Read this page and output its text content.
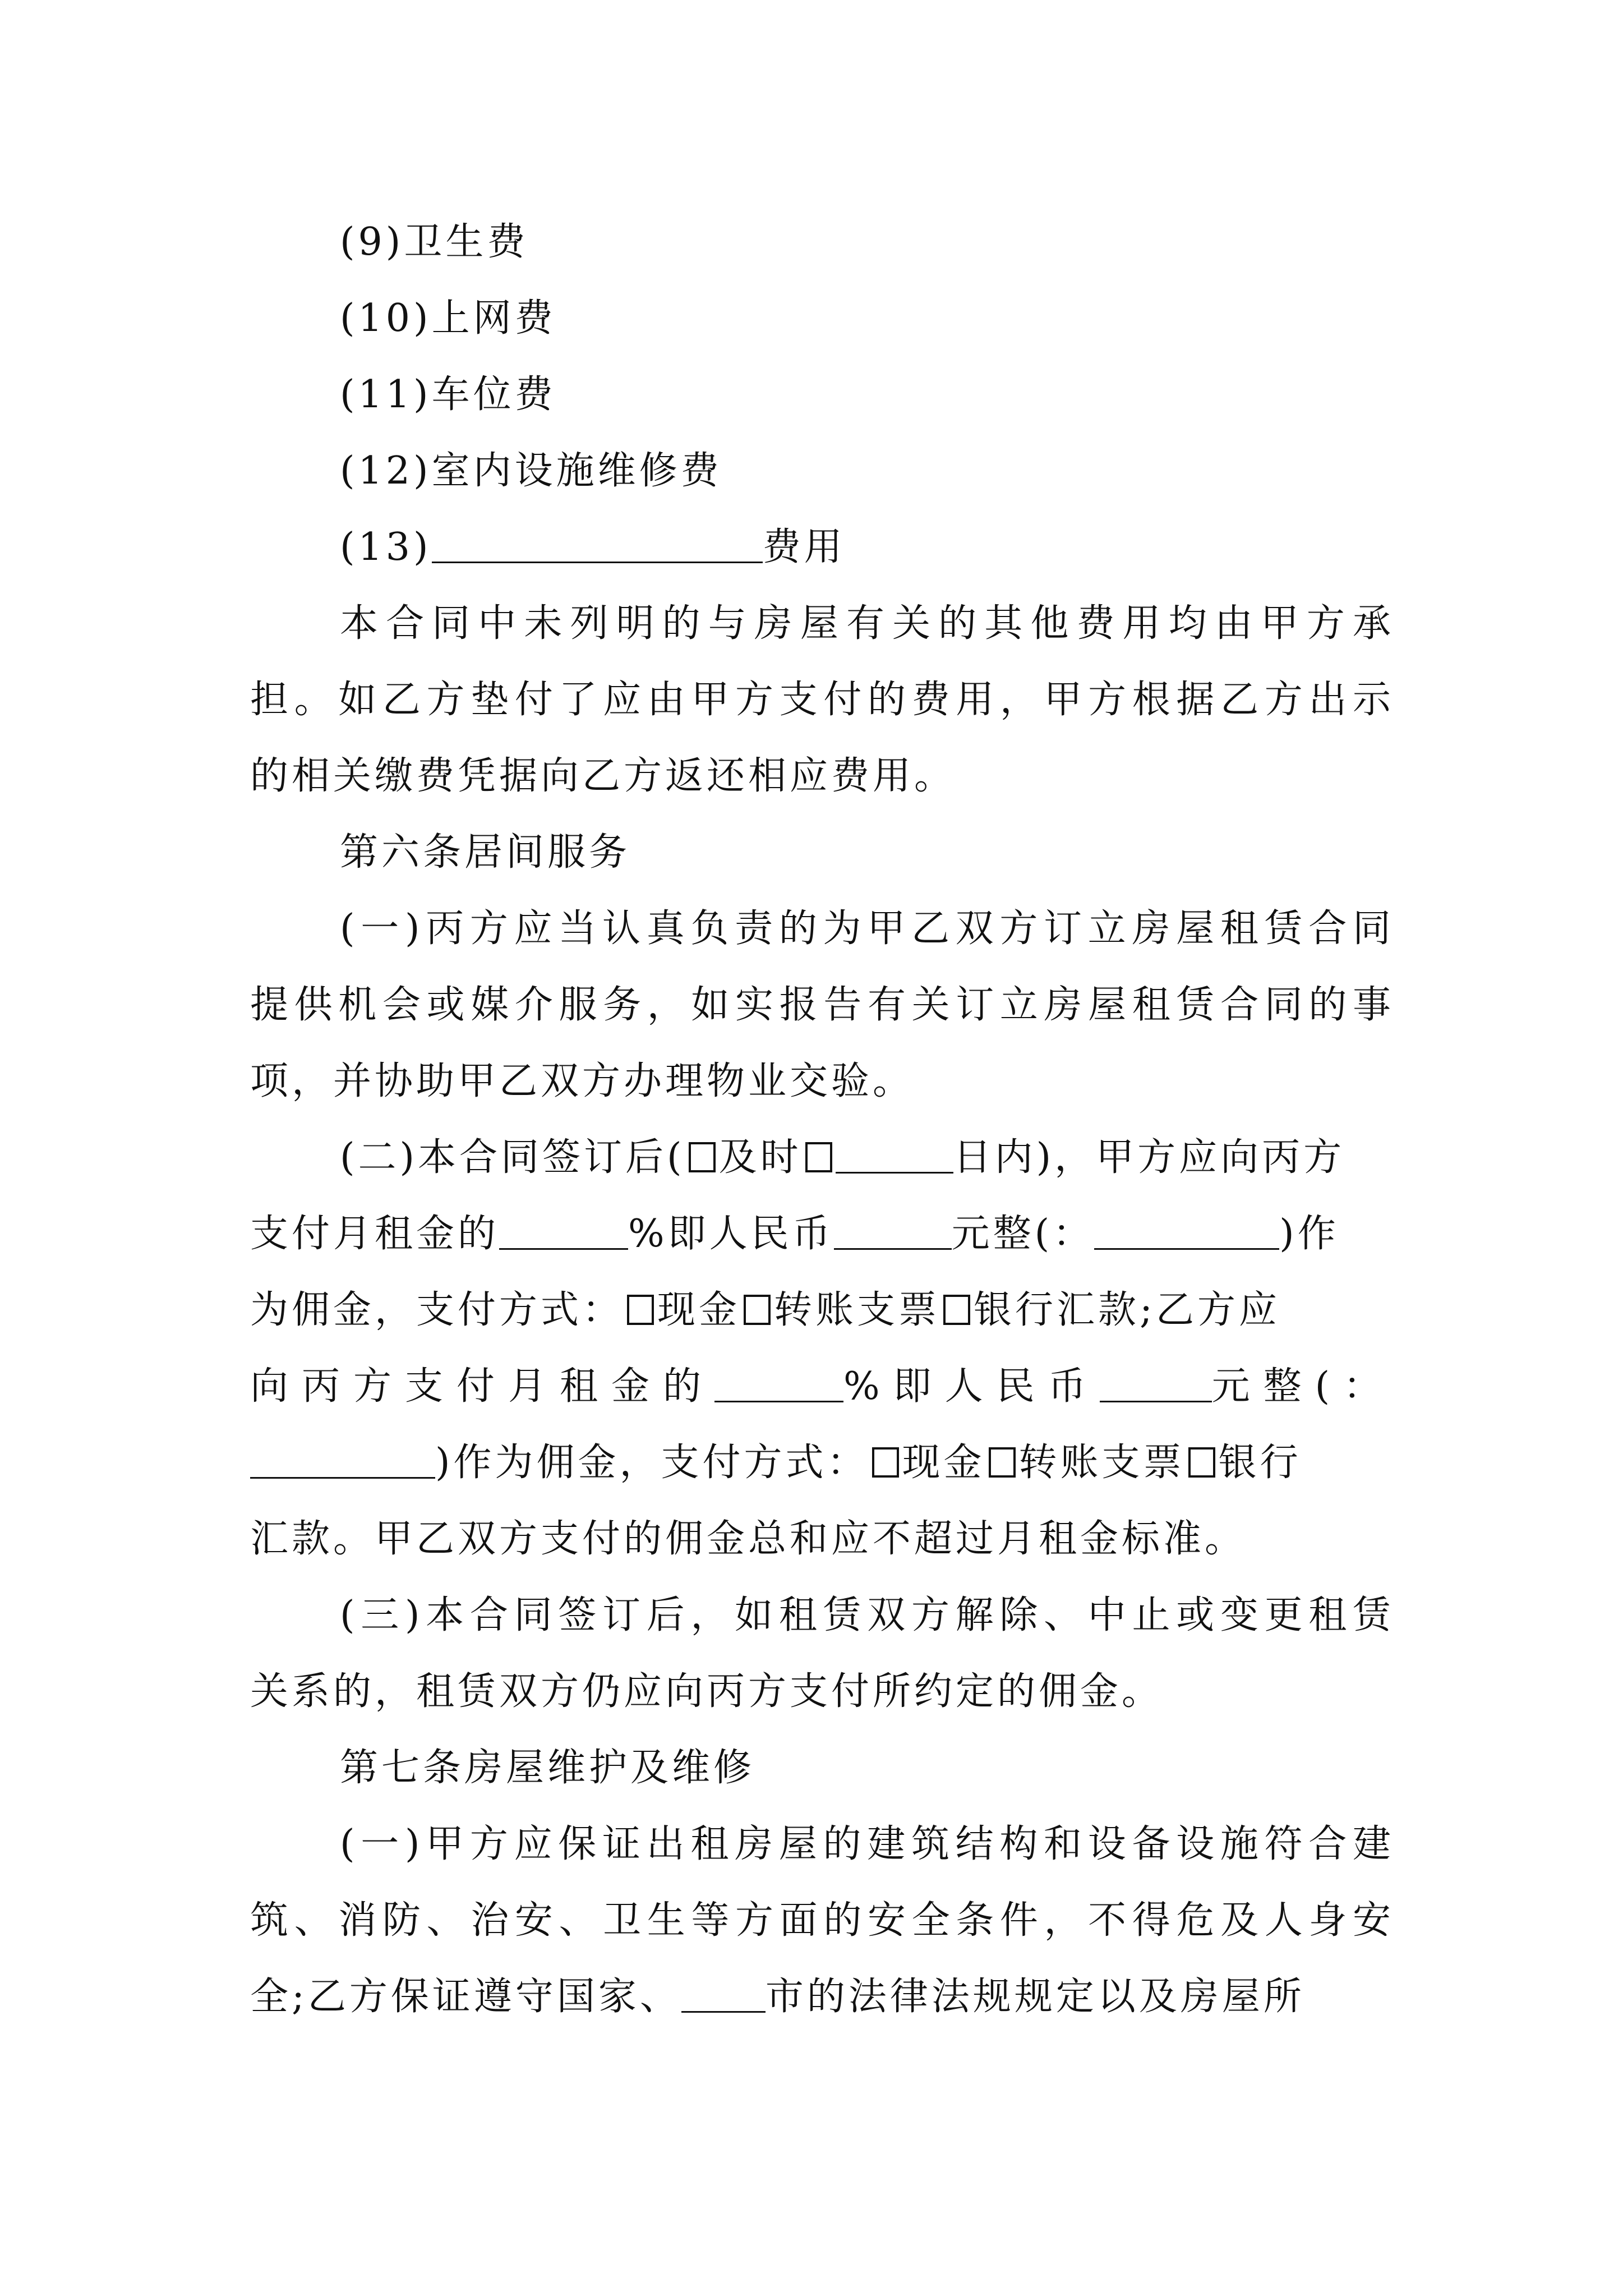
(9)卫生费
(10)上网费
(11)车位费
(12)室内设施维修费
(13)	费用
本合同中未列明的与房屋有关的其他费用均由甲方承
担。如乙方垫付了应由甲方支付的费用，甲方根据乙方出示
的相关缴费凭据向乙方返还相应费用。
第六条居间服务
(一)丙方应当认真负责的为甲乙双方订立房屋租赁合同
提供机会或媒介服务，如实报告有关订立房屋租赁合同的事
项，并协助甲乙双方办理物业交验。
(二)本合同签订后( 及时	日内)，甲方应向丙方
支付月租金的	%即人民币	元整(：	)作
为佣金，支付方式： 现金 转账支票 银行汇款;乙方应
向丙方支付月租金的	%即人民币	元整(：
)作为佣金，支付方式： 现金 转账支票 银行
汇款。甲乙双方支付的佣金总和应不超过月租金标准。
(三)本合同签订后，如租赁双方解除、中止或变更租赁
关系的，租赁双方仍应向丙方支付所约定的佣金。
第七条房屋维护及维修
(一)甲方应保证出租房屋的建筑结构和设备设施符合建
筑、消防、治安、卫生等方面的安全条件，不得危及人身安
全;乙方保证遵守国家、 市的法律法规规定以及房屋所
